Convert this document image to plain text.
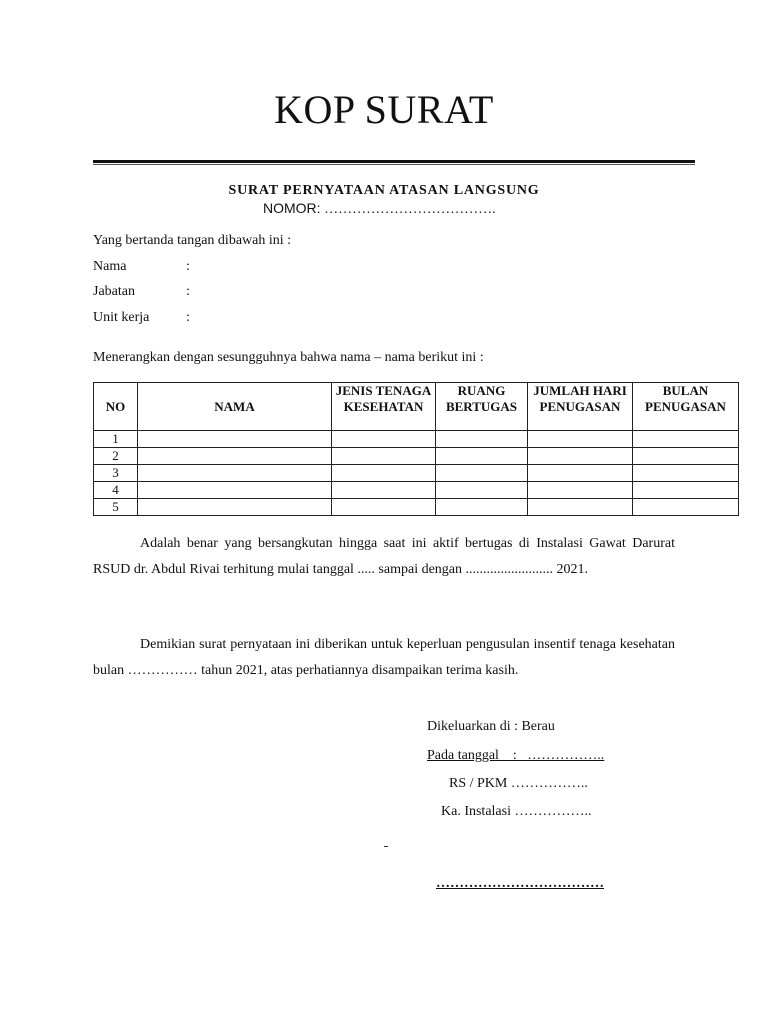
KOP SURAT
SURAT PERNYATAAN ATASAN LANGSUNG
NOMOR: ……………………………….
Yang bertanda tangan dibawah ini :
Nama	:
Jabatan	:
Unit kerja	:
Menerangkan dengan sesungguhnya bahwa nama – nama berikut ini :
NO	NAMA	JENIS TENAGA KESEHATAN	RUANG BERTUGAS	JUMLAH HARI PENUGASAN	BULAN PENUGASAN
1					
2					
3					
4					
5					

Adalah benar yang bersangkutan hingga saat ini aktif bertugas di Instalasi Gawat Darurat RSUD dr. Abdul Rivai terhitung mulai tanggal ..... sampai dengan ......................... 2021.

Demikian surat pernyataan ini diberikan untuk keperluan pengusulan insentif tenaga kesehatan bulan …………… tahun 2021, atas perhatiannya disampaikan terima kasih.

Dikeluarkan di : Berau
Pada tanggal    :   ……………..
RS / PKM ……………..
Ka. Instalasi ……………..
………………………………
